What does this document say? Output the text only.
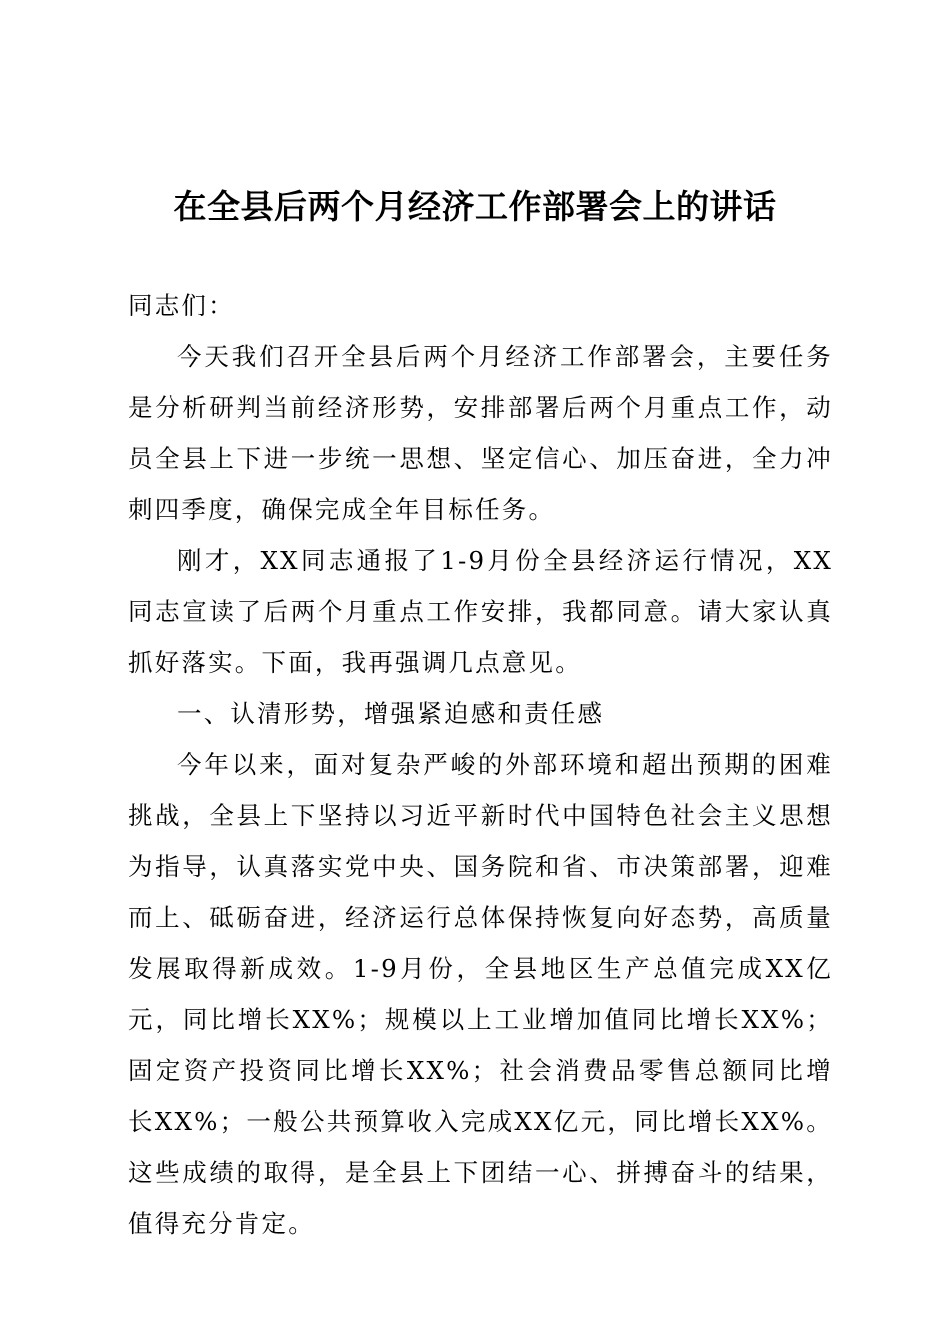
在全县后两个月经济工作部署会上的讲话

同志们：

今天我们召开全县后两个月经济工作部署会，主要任务是分析研判当前经济形势，安排部署后两个月重点工作，动员全县上下进一步统一思想、坚定信心、加压奋进，全力冲刺四季度，确保完成全年目标任务。

刚才，XX同志通报了1-9月份全县经济运行情况，XX同志宣读了后两个月重点工作安排，我都同意。请大家认真抓好落实。下面，我再强调几点意见。

一、认清形势，增强紧迫感和责任感

今年以来，面对复杂严峻的外部环境和超出预期的困难挑战，全县上下坚持以习近平新时代中国特色社会主义思想为指导，认真落实党中央、国务院和省、市决策部署，迎难而上、砥砺奋进，经济运行总体保持恢复向好态势，高质量发展取得新成效。1-9月份，全县地区生产总值完成XX亿元，同比增长XX%；规模以上工业增加值同比增长XX%；固定资产投资同比增长XX%；社会消费品零售总额同比增长XX%；一般公共预算收入完成XX亿元，同比增长XX%。这些成绩的取得，是全县上下团结一心、拼搏奋斗的结果，值得充分肯定。
